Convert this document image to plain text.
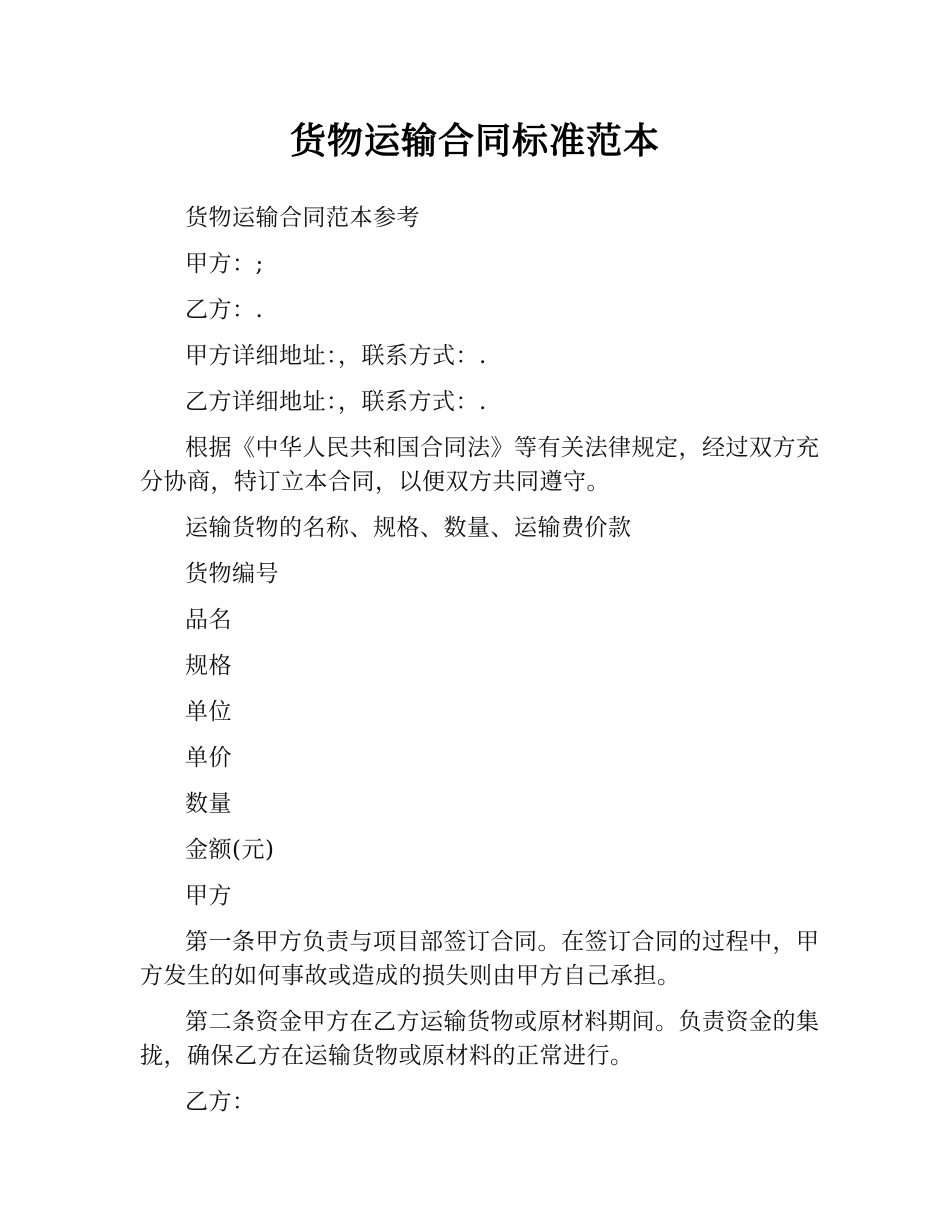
货物运输合同标准范本

货物运输合同范本参考

甲方：;

乙方：.

甲方详细地址：，联系方式：.

乙方详细地址：，联系方式：.

根据《中华人民共和国合同法》等有关法律规定，经过双方充分协商，特订立本合同，以便双方共同遵守。

运输货物的名称、规格、数量、运输费价款

货物编号

品名

规格

单位

单价

数量

金额(元)

甲方

第一条甲方负责与项目部签订合同。在签订合同的过程中，甲方发生的如何事故或造成的损失则由甲方自己承担。

第二条资金甲方在乙方运输货物或原材料期间。负责资金的集拢，确保乙方在运输货物或原材料的正常进行。

乙方：
